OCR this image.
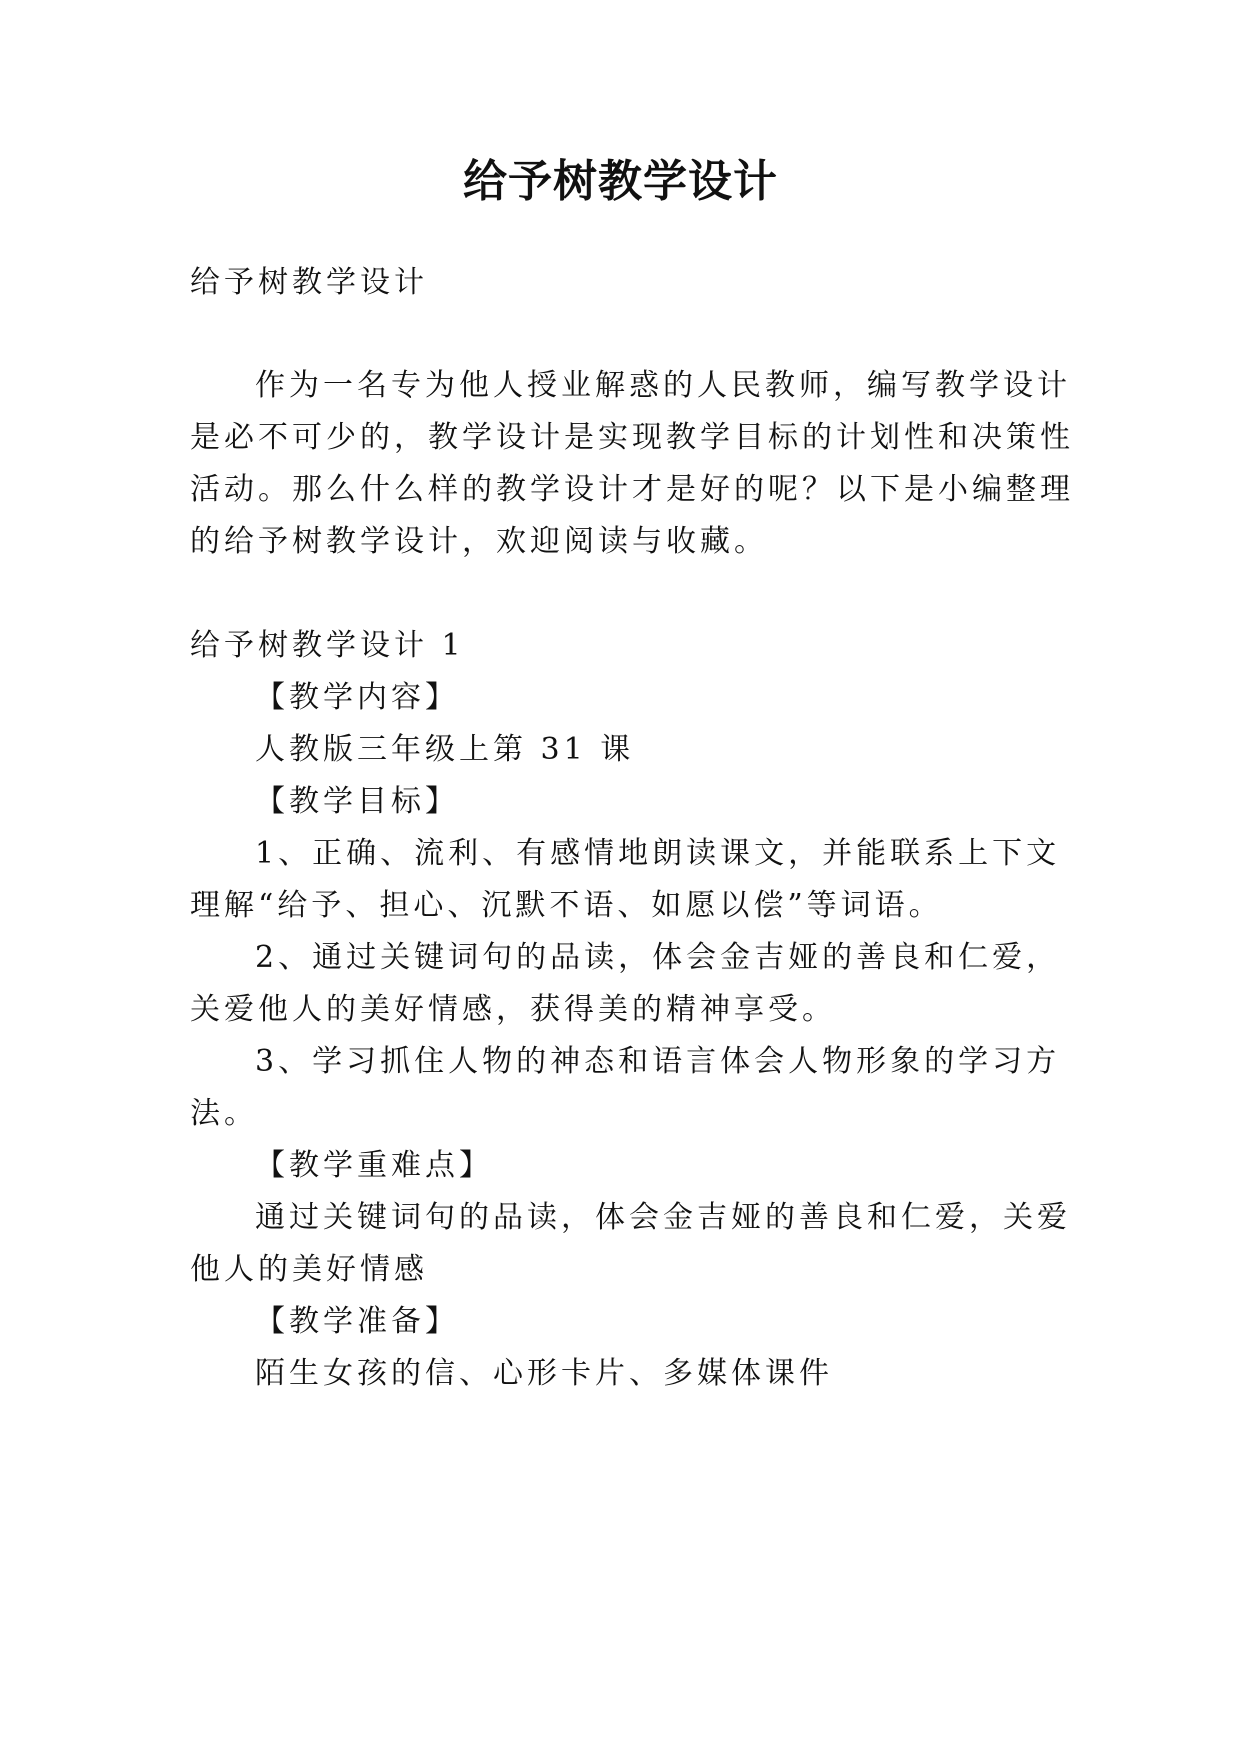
给予树教学设计
给予树教学设计
作为一名专为他人授业解惑的人民教师，编写教学设计
是必不可少的，教学设计是实现教学目标的计划性和决策性
活动。那么什么样的教学设计才是好的呢？以下是小编整理
的给予树教学设计，欢迎阅读与收藏。
给予树教学设计 1
【教学内容】
人教版三年级上第 31 课
【教学目标】
1、正确、流利、有感情地朗读课文，并能联系上下文
理解“给予、担心、沉默不语、如愿以偿”等词语。
2、通过关键词句的品读，体会金吉娅的善良和仁爱，
关爱他人的美好情感，获得美的精神享受。
3、学习抓住人物的神态和语言体会人物形象的学习方
法。
【教学重难点】
通过关键词句的品读，体会金吉娅的善良和仁爱，关爱
他人的美好情感
【教学准备】
陌生女孩的信、心形卡片、多媒体课件
